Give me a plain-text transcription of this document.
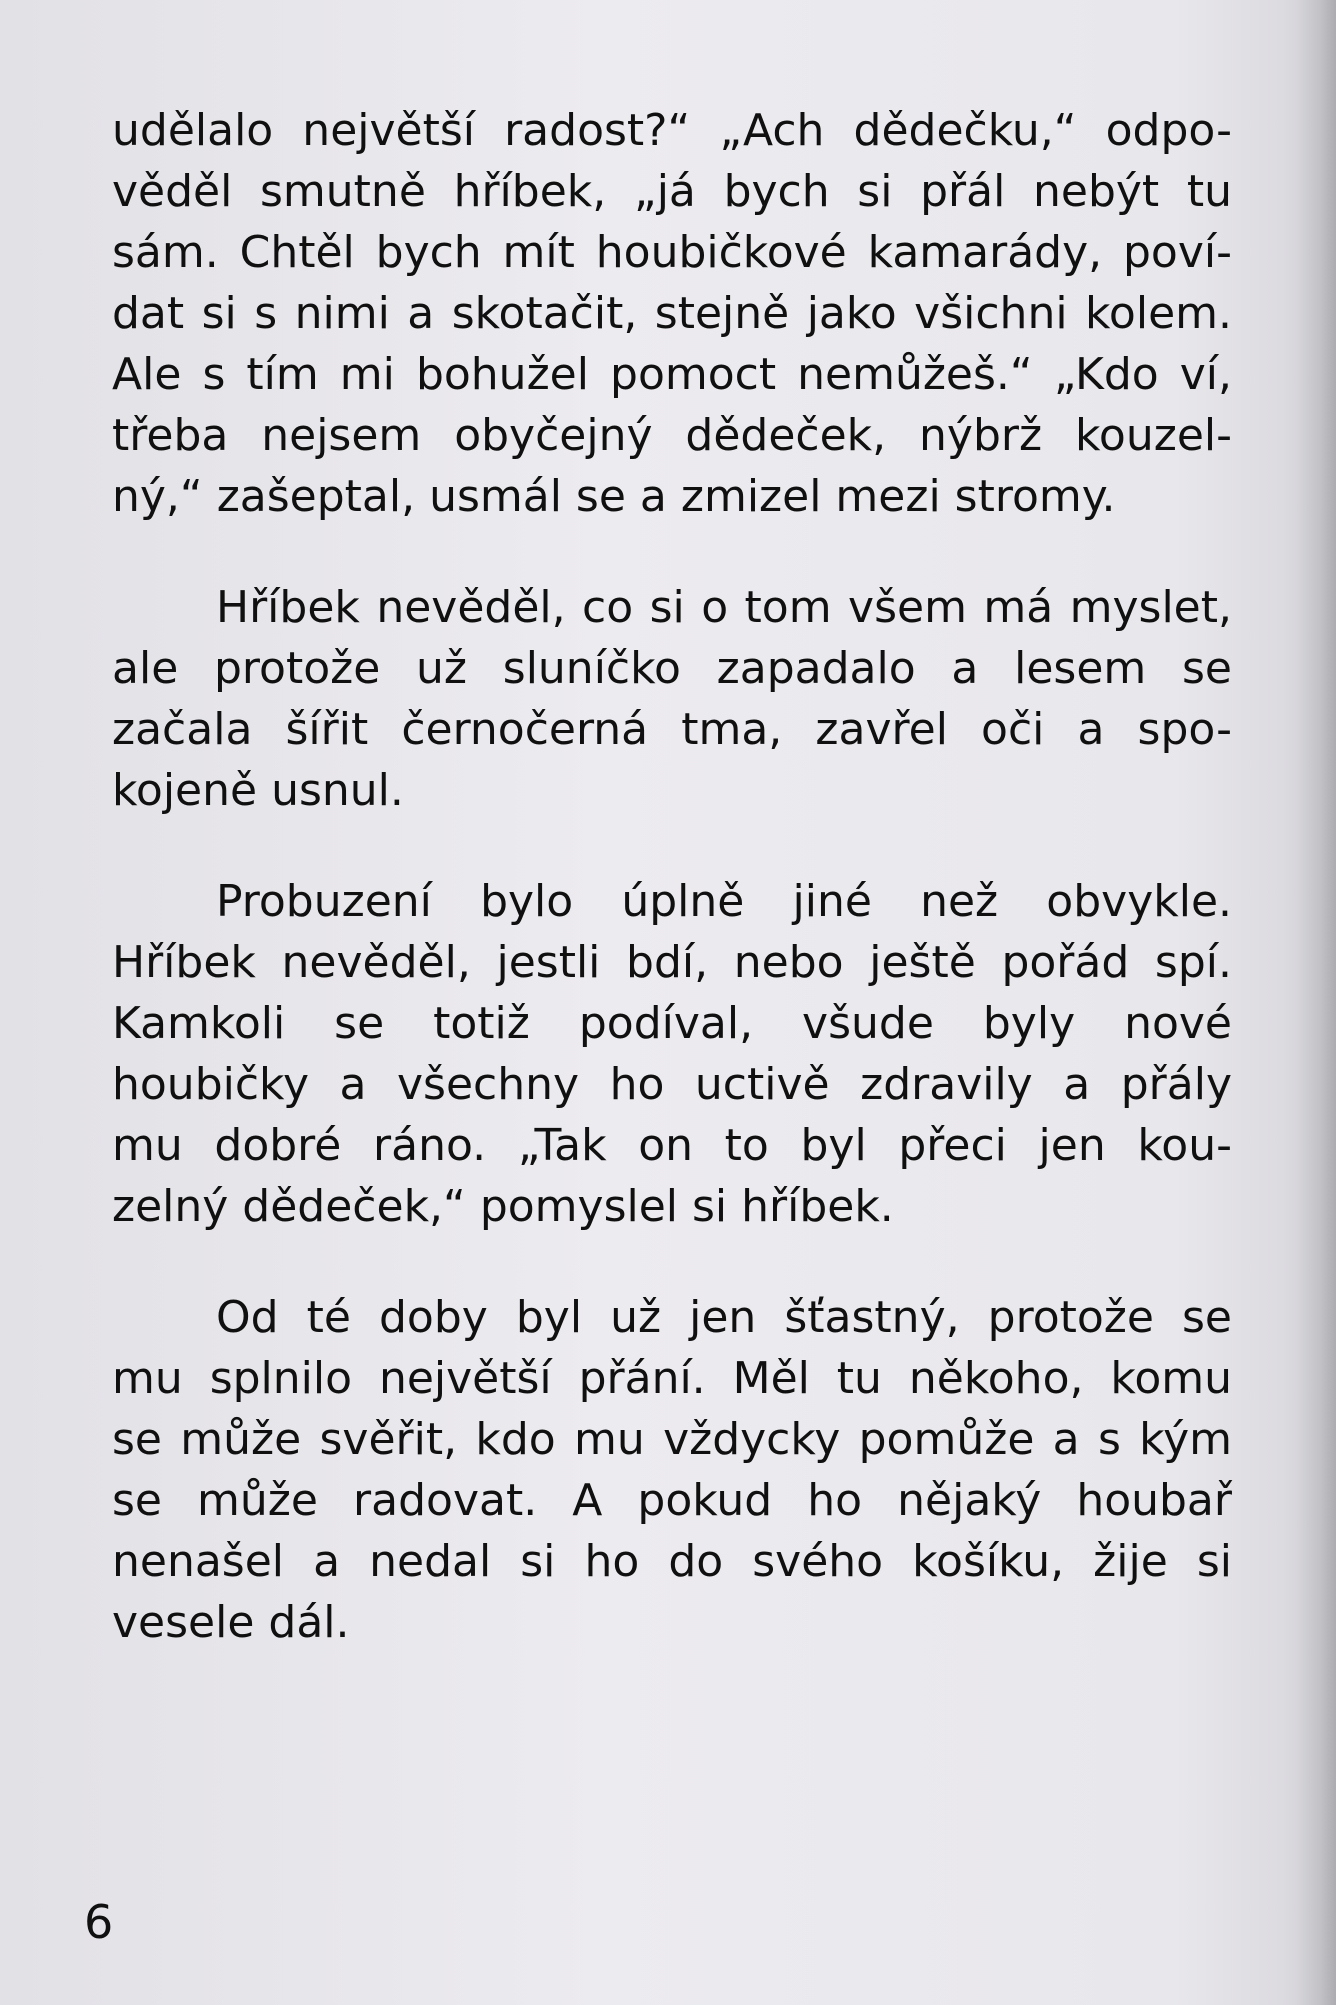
udělalo největší radost?“ „Ach dědečku,“ odpo-
věděl smutně hříbek, „já bych si přál nebýt tu
sám. Chtěl bych mít houbičkové kamarády, poví-
dat si s nimi a skotačit, stejně jako všichni kolem.
Ale s tím mi bohužel pomoct nemůžeš.“ „Kdo ví,
třeba nejsem obyčejný dědeček, nýbrž kouzel-
ný,“ zašeptal, usmál se a zmizel mezi stromy.
Hříbek nevěděl, co si o tom všem má myslet,
ale protože už sluníčko zapadalo a lesem se
začala šířit černočerná tma, zavřel oči a spo-
kojeně usnul.
Probuzení bylo úplně jiné než obvykle.
Hříbek nevěděl, jestli bdí, nebo ještě pořád spí.
Kamkoli se totiž podíval, všude byly nové
houbičky a všechny ho uctivě zdravily a přály
mu dobré ráno. „Tak on to byl přeci jen kou-
zelný dědeček,“ pomyslel si hříbek.
Od té doby byl už jen šťastný, protože se
mu splnilo největší přání. Měl tu někoho, komu
se může svěřit, kdo mu vždycky pomůže a s kým
se může radovat. A pokud ho nějaký houbař
nenašel a nedal si ho do svého košíku, žije si
vesele dál.
6
